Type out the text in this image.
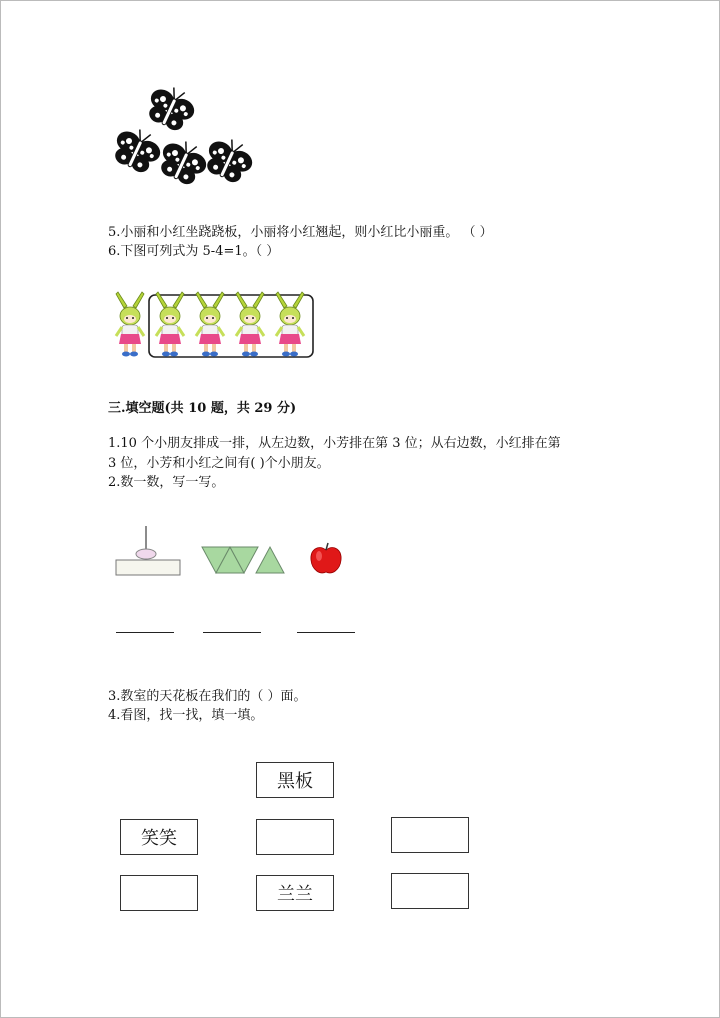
5.小丽和小红坐跷跷板，小丽将小红翘起，则小红比小丽重。 （ ）
6.下图可列式为 5-4=1。（ ）
三.填空题(共 10 题，共 29 分)
1.10 个小朋友排成一排，从左边数，小芳排在第 3 位；从右边数，小红排在第
3 位，小芳和小红之间有( )个小朋友。
2.数一数，写一写。
3.教室的天花板在我们的（ ）面。
4.看图，找一找，填一填。
黑板
笑笑
兰兰
